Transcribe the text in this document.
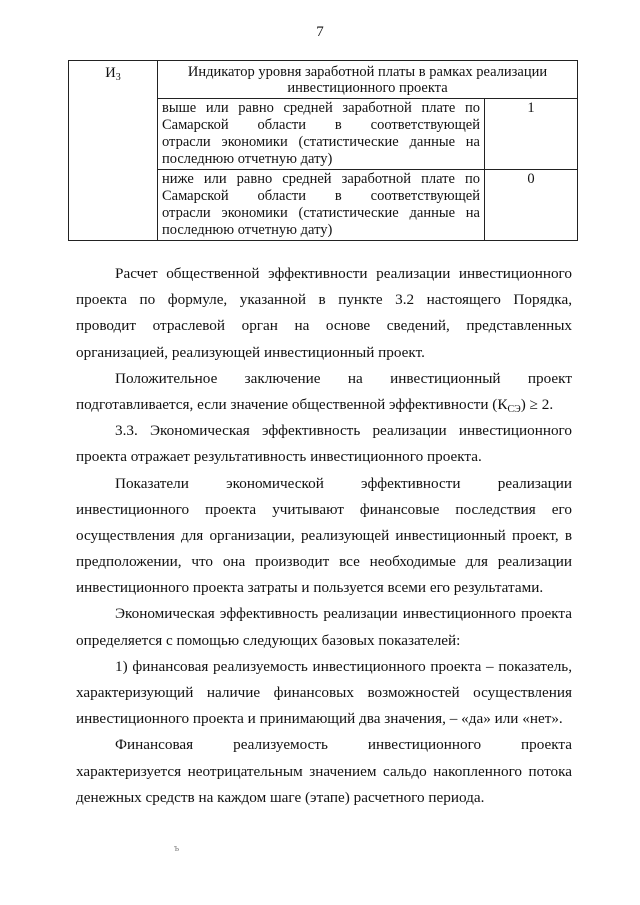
7
$И_3$	Индикатор уровня заработной платы в рамках реализации
инвестиционного проекта		

	выше или равно средней заработной плате по
Самарской области в соответствующей
отрасли экономики (статистические данные на
последнюю отчетную дату)	1	

	ниже или равно средней заработной плате по
Самарской области в соответствующей
отрасли экономики (статистические данные на
последнюю отчетную дату)	0	
Расчет общественной эффективности реализации инвестиционного
проекта по формуле, указанной в пункте 3.2 настоящего Порядка,
проводит отраслевой орган на основе сведений, представленных
организацией, реализующей инвестиционный проект.
Положительное заключение на инвестиционный проект
подготавливается, если значение общественной эффективности $(К_{СЭ}) \ge 2$.
3.3. Экономическая эффективность реализации инвестиционного
проекта отражает результативность инвестиционного проекта.
Показатели экономической эффективности реализации
инвестиционного проекта учитывают финансовые последствия его
осуществления для организации, реализующей инвестиционный проект, в
предположении, что она производит все необходимые для реализации
инвестиционного проекта затраты и пользуется всеми его результатами.
Экономическая эффективность реализации инвестиционного проекта
определяется с помощью следующих базовых показателей:
1) финансовая реализуемость инвестиционного проекта – показатель,
характеризующий наличие финансовых возможностей осуществления
инвестиционного проекта и принимающий два значения, – «да» или «нет».
Финансовая реализуемость инвестиционного проекта
характеризуется неотрицательным значением сальдо накопленного потока
денежных средств на каждом шаге (этапе) расчетного периода.
ъ
